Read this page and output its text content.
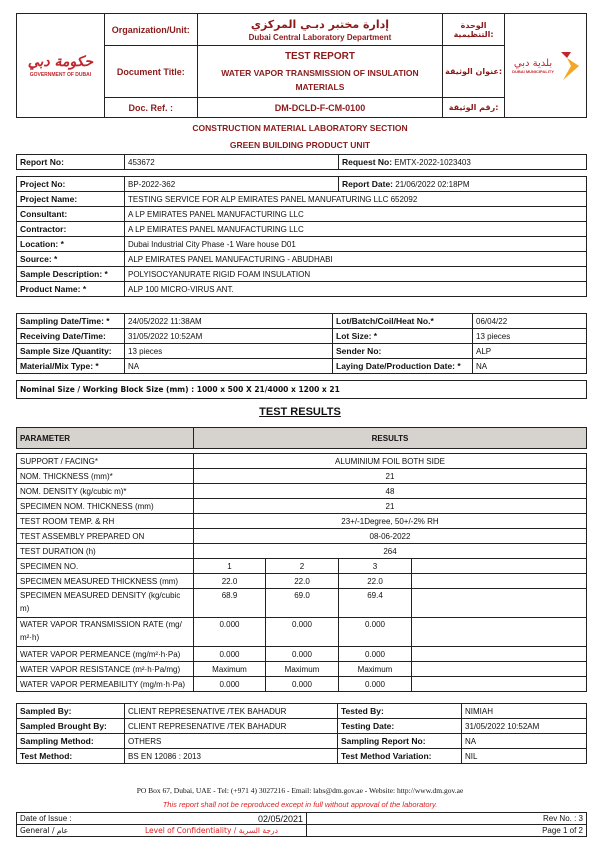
حكومة دبي
GOVERNMENT OF DUBAI
	Organization/Unit:	إدارة مختبر دبـي المركزي
Dubai Central Laboratory Department
	الوحدة التنظيمية:	
بلدية دبي
DUBAI MUNICIPALITY

	Document Title:	TEST REPORT
WATER VAPOR TRANSMISSION OF INSULATION
MATERIALS	عنوان الوثيقة:	
	Doc. Ref. :	DM-DCLD-F-CM-0100	رقم الوثيقة:	
CONSTRUCTION MATERIAL LABORATORY SECTION
GREEN BUILDING PRODUCT UNIT
Report No:	453672	Request No: EMTX-2022-1023403
Project No:	BP-2022-362	Report Date: 21/06/2022 02:18PM
Project Name:	TESTING SERVICE FOR ALP EMIRATES PANEL MANUFATURING LLC 652092	
Consultant:	A LP EMIRATES PANEL MANUFACTURING LLC	
Contractor:	A LP EMIRATES PANEL MANUFACTURING LLC	
Location: *	Dubai Industrial City Phase -1 Ware house D01	
Source: *	ALP EMIRATES PANEL MANUFACTURING - ABUDHABI	
Sample Description: *	POLYISOCYANURATE RIGID FOAM INSULATION	
Product Name: *	ALP 100 MICRO-VIRUS ANT.	
Sampling Date/Time: *	24/05/2022 11:38AM	Lot/Batch/Coil/Heat No.*	06/04/22
Receiving Date/Time:	31/05/2022 10:52AM	Lot Size: *	13 pieces
Sample Size /Quantity:	13 pieces	Sender No:	ALP
Material/Mix Type: *	NA	Laying Date/Production Date: *	NA
Nominal Size / Working Block Size (mm) : 1000 x 500 X 21/4000 x 1200 x 21
TEST RESULTS
PARAMETER	RESULTS
SUPPORT / FACING*	ALUMINIUM FOIL BOTH SIDE			
NOM. THICKNESS (mm)*	21			
NOM. DENSITY (kg/cubic m)*	48			
SPECIMEN NOM. THICKNESS (mm)	21			
TEST ROOM TEMP. & RH	23+/-1Degree, 50+/-2% RH			
TEST ASSEMBLY PREPARED ON	08-06-2022			
TEST DURATION (h)	264			
SPECIMEN NO.	1	2	3	
SPECIMEN MEASURED THICKNESS (mm)	22.0	22.0	22.0	
SPECIMEN MEASURED DENSITY (kg/cubic m)	68.9	69.0	69.4	
WATER VAPOR TRANSMISSION RATE (mg/ m²·h)	0.000	0.000	0.000	
WATER VAPOR PERMEANCE (mg/m²·h·Pa)	0.000	0.000	0.000	
WATER VAPOR RESISTANCE (m²·h·Pa/mg)	Maximum	Maximum	Maximum	
WATER VAPOR PERMEABILITY (mg/m·h·Pa)	0.000	0.000	0.000	
Sampled By:	CLIENT REPRESENATIVE /TEK BAHADUR	Tested By:	NIMIAH
Sampled Brought By:	CLIENT REPRESENATIVE /TEK BAHADUR	Testing Date:	31/05/2022 10:52AM
Sampling Method:	OTHERS	Sampling Report No:	NA
Test Method:	BS EN 12086 : 2013	Test Method Variation:	NIL
PO Box 67, Dubai, UAE - Tel: (+971 4) 3027216 - Email: labs@dm.gov.ae - Website: http://www.dm.gov.ae
This report shall not be reproduced except in full without approval of the laboratory.
Date of Issue : 02/05/2021	Rev No. : 3
General / عام Level of Confidentiality / درجة السرية	Page 1 of 2
